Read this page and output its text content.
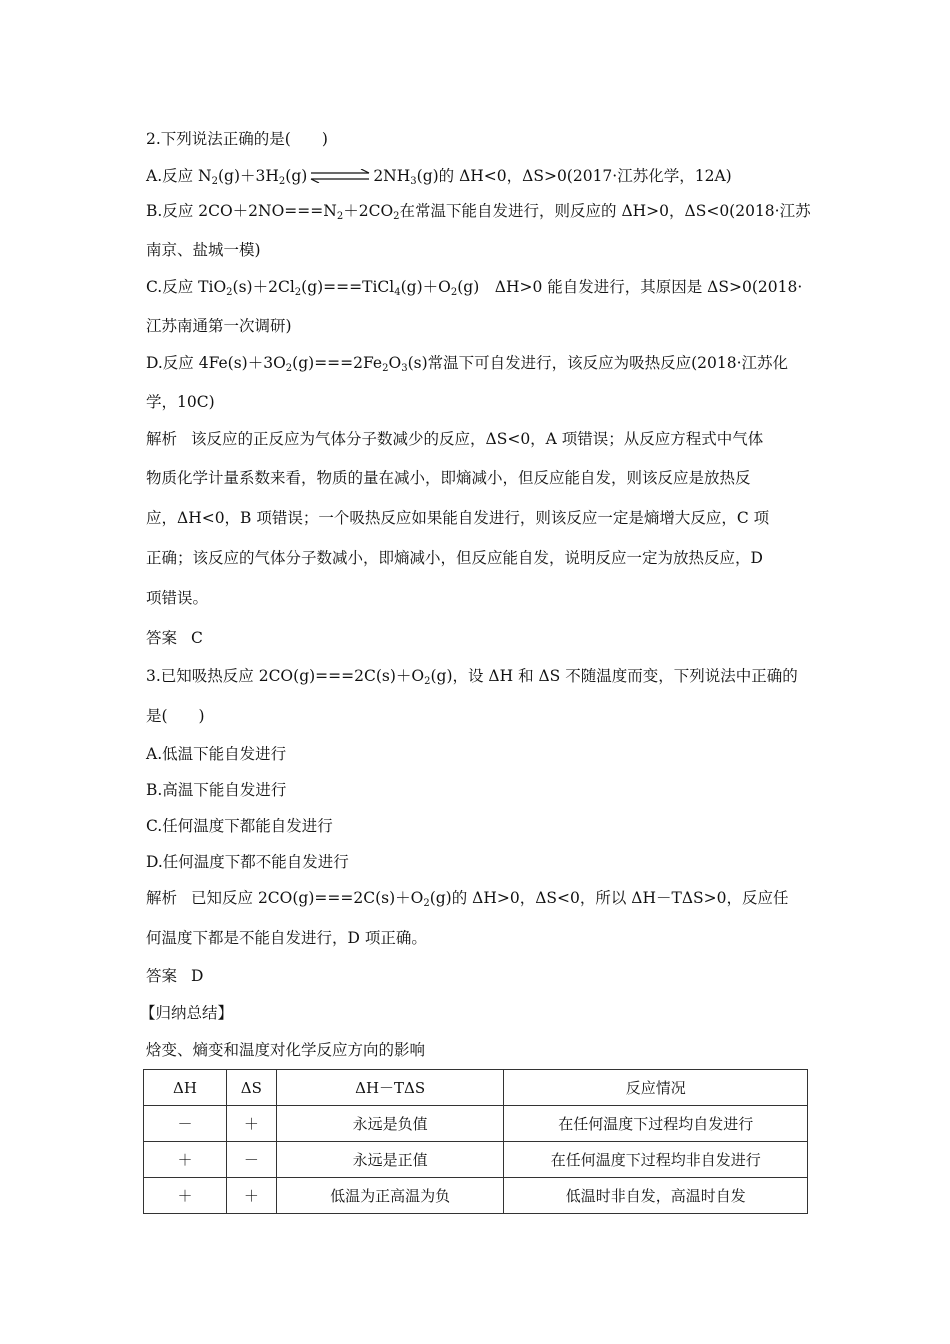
2.下列说法正确的是(　　)
A.反应 $N_2(g)+3H_2(g)$ ⇌ $2NH_3(g)$的 ΔH<0，ΔS>0(2017·江苏化学，12A)
B.反应 $2CO+2NO===N_2+2CO_2$在常温下能自发进行，则反应的 ΔH>0，ΔS<0(2018·江苏
南京、盐城一模)
C.反应 $TiO_2(s)+2Cl_2(g)===TiCl_4(g)+O_2(g)$　ΔH>0 能自发进行，其原因是 ΔS>0(2018·
江苏南通第一次调研)
D.反应 $4Fe(s)+3O_2(g)===2Fe_2O_3(s)$常温下可自发进行，该反应为吸热反应(2018·江苏化
学，10C)
解析 该反应的正反应为气体分子数减少的反应，ΔS<0，A 项错误；从反应方程式中气体
物质化学计量系数来看，物质的量在减小，即熵减小，但反应能自发，则该反应是放热反
应，ΔH<0，B 项错误；一个吸热反应如果能自发进行，则该反应一定是熵增大反应，C 项
正确；该反应的气体分子数减小，即熵减小，但反应能自发，说明反应一定为放热反应，D
项错误。
答案 C
3.已知吸热反应 $2CO(g)===2C(s)+O_2(g)$，设 ΔH 和 ΔS 不随温度而变，下列说法中正确的
是(　　)
A.低温下能自发进行
B.高温下能自发进行
C.任何温度下都能自发进行
D.任何温度下都不能自发进行
解析 已知反应 $2CO(g)===2C(s)+O_2(g)$的 ΔH>0，ΔS<0，所以 ΔH－TΔS>0，反应任
何温度下都是不能自发进行，D 项正确。
答案 D
【归纳总结】
焓变、熵变和温度对化学反应方向的影响
ΔH	ΔS	ΔH－TΔS	反应情况
－	＋	永远是负值	在任何温度下过程均自发进行
＋	－	永远是正值	在任何温度下过程均非自发进行
＋	＋	低温为正高温为负	低温时非自发，高温时自发
